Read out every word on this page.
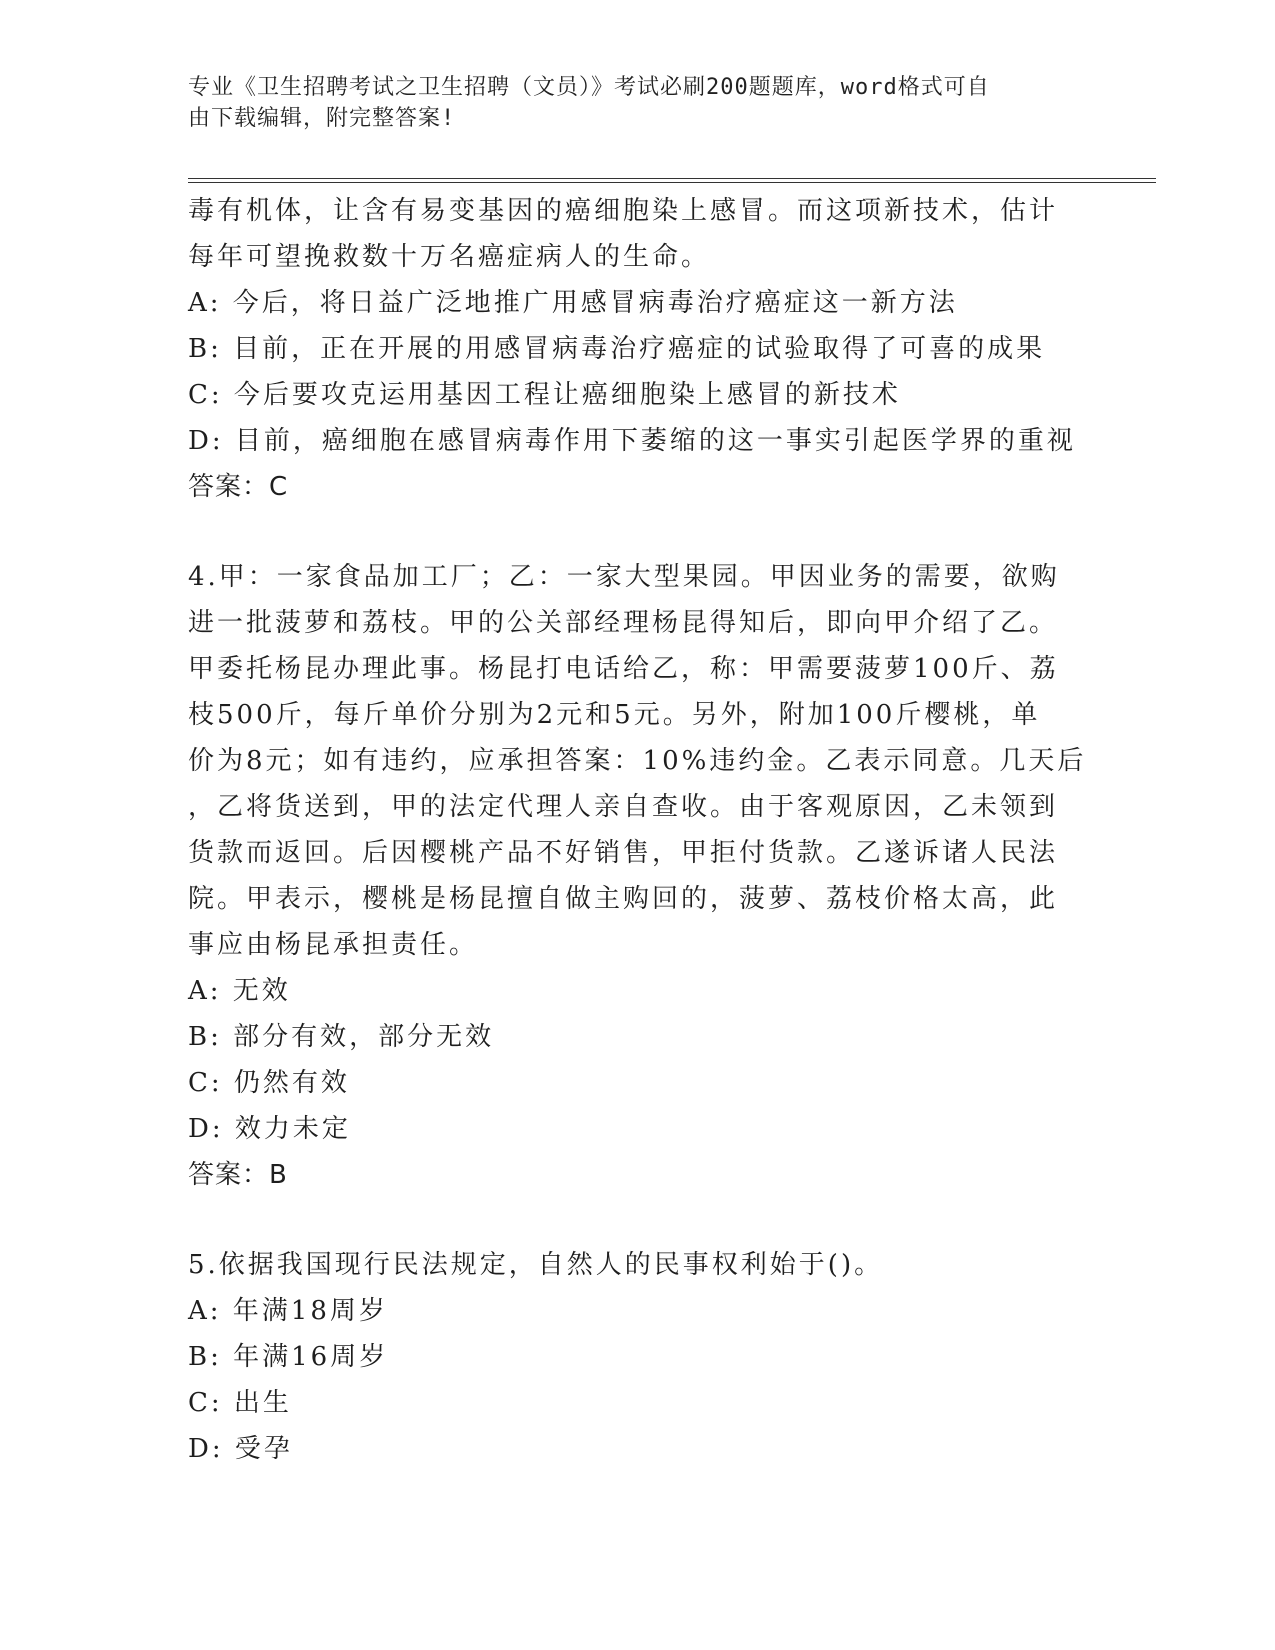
专业《卫生招聘考试之卫生招聘（文员）》考试必刷200题题库，word格式可自
由下载编辑，附完整答案!
毒有机体，让含有易变基因的癌细胞染上感冒。而这项新技术，估计
每年可望挽救数十万名癌症病人的生命。
A: 今后，将日益广泛地推广用感冒病毒治疗癌症这一新方法
B: 目前，正在开展的用感冒病毒治疗癌症的试验取得了可喜的成果
C: 今后要攻克运用基因工程让癌细胞染上感冒的新技术
D: 目前，癌细胞在感冒病毒作用下萎缩的这一事实引起医学界的重视
答案：C
4.甲：一家食品加工厂；乙：一家大型果园。甲因业务的需要，欲购
进一批菠萝和荔枝。甲的公关部经理杨昆得知后，即向甲介绍了乙。
甲委托杨昆办理此事。杨昆打电话给乙，称：甲需要菠萝100斤、荔
枝500斤，每斤单价分别为2元和5元。另外，附加100斤樱桃，单
价为8元；如有违约，应承担答案：10%违约金。乙表示同意。几天后
，乙将货送到，甲的法定代理人亲自查收。由于客观原因，乙未领到
货款而返回。后因樱桃产品不好销售，甲拒付货款。乙遂诉诸人民法
院。甲表示，樱桃是杨昆擅自做主购回的，菠萝、荔枝价格太高，此
事应由杨昆承担责任。
A: 无效
B: 部分有效，部分无效
C: 仍然有效
D: 效力未定
答案：B
5.依据我国现行民法规定，自然人的民事权利始于()。
A: 年满18周岁
B: 年满16周岁
C: 出生
D: 受孕
